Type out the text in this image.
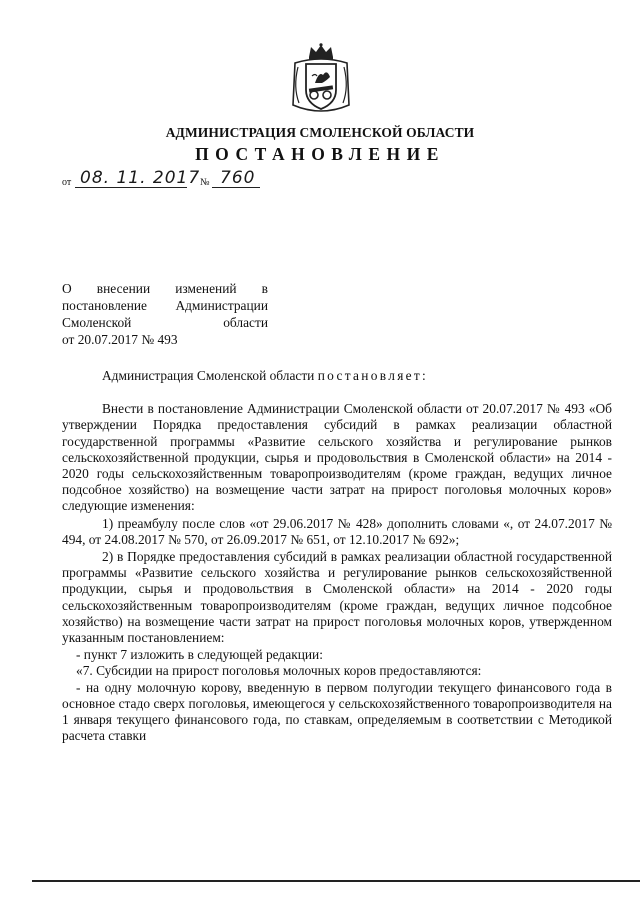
АДМИНИСТРАЦИЯ СМОЛЕНСКОЙ ОБЛАСТИ
ПОСТАНОВЛЕНИЕ
от 08. 11. 2017 № 760
О внесении изменений в
постановление Администрации
Смоленской области
от 20.07.2017 № 493

Администрация Смоленской области постановляет:

Внести в постановление Администрации Смоленской области от 20.07.2017 № 493 «Об утверждении Порядка предоставления субсидий в рамках реализации областной государственной программы «Развитие сельского хозяйства и регулирование рынков сельскохозяйственной продукции, сырья и продовольствия в Смоленской области» на 2014 - 2020 годы сельскохозяйственным товаропроизводителям (кроме граждан, ведущих личное подсобное хозяйство) на возмещение части затрат на прирост поголовья молочных коров» следующие изменения:

1) преамбулу после слов «от 29.06.2017 № 428» дополнить словами «, от 24.07.2017 № 494, от 24.08.2017 № 570, от 26.09.2017 № 651, от 12.10.2017 № 692»;

2) в Порядке предоставления субсидий в рамках реализации областной государственной программы «Развитие сельского хозяйства и регулирование рынков сельскохозяйственной продукции, сырья и продовольствия в Смоленской области» на 2014 - 2020 годы сельскохозяйственным товаропроизводителям (кроме граждан, ведущих личное подсобное хозяйство) на возмещение части затрат на прирост поголовья молочных коров, утвержденном указанным постановлением:

- пункт 7 изложить в следующей редакции:

«7. Субсидии на прирост поголовья молочных коров предоставляются:

- на одну молочную корову, введенную в первом полугодии текущего финансового года в основное стадо сверх поголовья, имеющегося у сельскохозяйственного товаропроизводителя на 1 января текущего финансового года, по ставкам, определяемым в соответствии с Методикой расчета ставки
